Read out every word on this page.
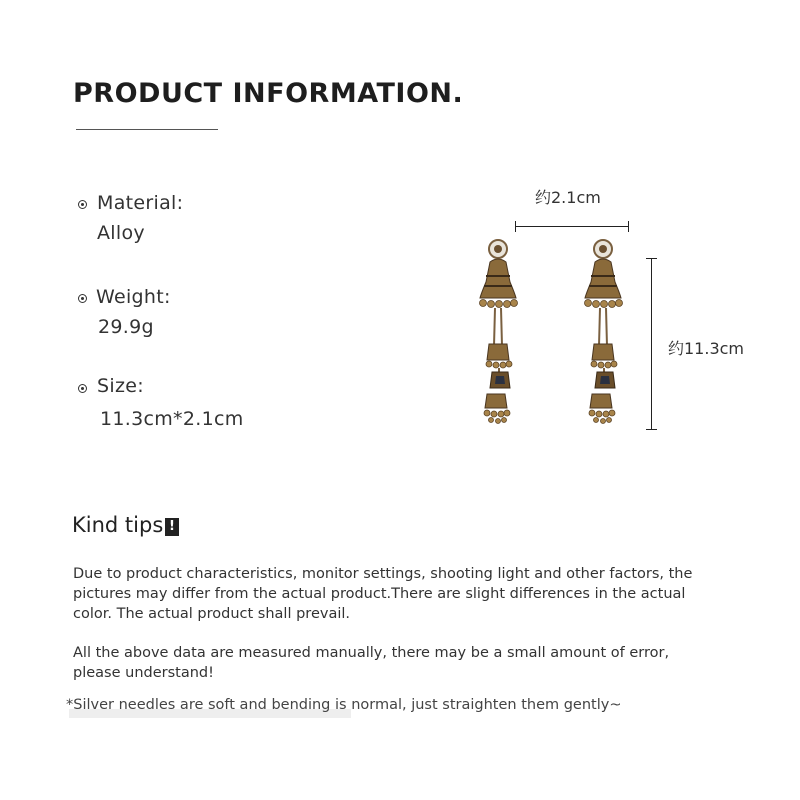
PRODUCT INFORMATION.
Material:
Alloy
Weight:
29.9g
Size:
11.3cm*2.1cm
约2.1cm
约11.3cm
Kind tips !
Due to product characteristics, monitor settings, shooting light and other factors, the pictures may differ from the actual product.There are slight differences in the actual color. The actual product shall prevail.
All the above data are measured manually, there may be a small amount of error, please understand!
*Silver needles are soft and bending is normal, just straighten them gently~
